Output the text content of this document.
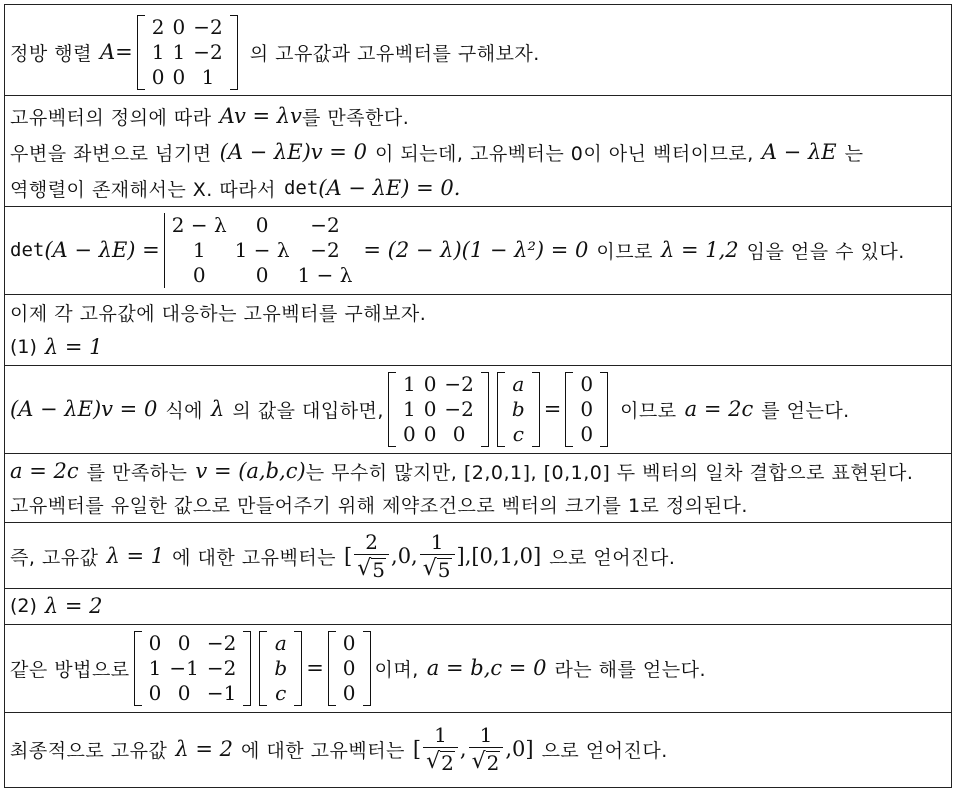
정방 행렬 A =
2 0 −2
1 1 −2
0 0 1
의 고유값과 고유벡터를 구해보자.
고유벡터의 정의에 따라 Av = λv 를 만족한다.
우변을 좌변으로 넘기면 (A − λE)v = 0 이 되는데, 고유벡터는 0이 아닌 벡터이므로, A − λE 는
역행렬이 존재해서는 X. 따라서 det (A − λE) = 0.
det (A − λE) =
2 − λ	0	−2
1	1 − λ	−2
0	0	1 − λ
= (2 − λ)(1 − λ²) = 0 이므로 λ = 1,2 임을 얻을 수 있다.
이제 각 고유값에 대응하는 고유벡터를 구해보자.
(1) λ = 1
(A − λE)v = 0 식에 λ 의 값을 대입하면,
1 0 −2
1 0 −2
0 0 0
a
b
c
=
0
0
0
이므로 a = 2c 를 얻는다.
a = 2c 를 만족하는 v = (a,b,c) 는 무수히 많지만, [2,0,1], [0,1,0] 두 벡터의 일차 결합으로 표현된다.
고유벡터를 유일한 값으로 만들어주기 위해 제약조건으로 벡터의 크기를 1로 정의된다.
즉, 고유값 λ = 1 에 대한 고유벡터는 [ $\frac{2}{√ 5} ,0$, $\frac{1}{√ 5} ],[0,1,0]$ 으로 얻어진다.
(2) λ = 2
같은 방법으로
0 0 −2
1 −1 −2
0 0 −1
a
b
c
=
0
0
0
이며, a = b,c = 0 라는 해를 얻는다.
최종적으로 고유값 λ = 2 에 대한 고유벡터는 [ $\frac{1}{√ 2}$ , $\frac{1}{√ 2} ,0$] 으로 얻어진다.
